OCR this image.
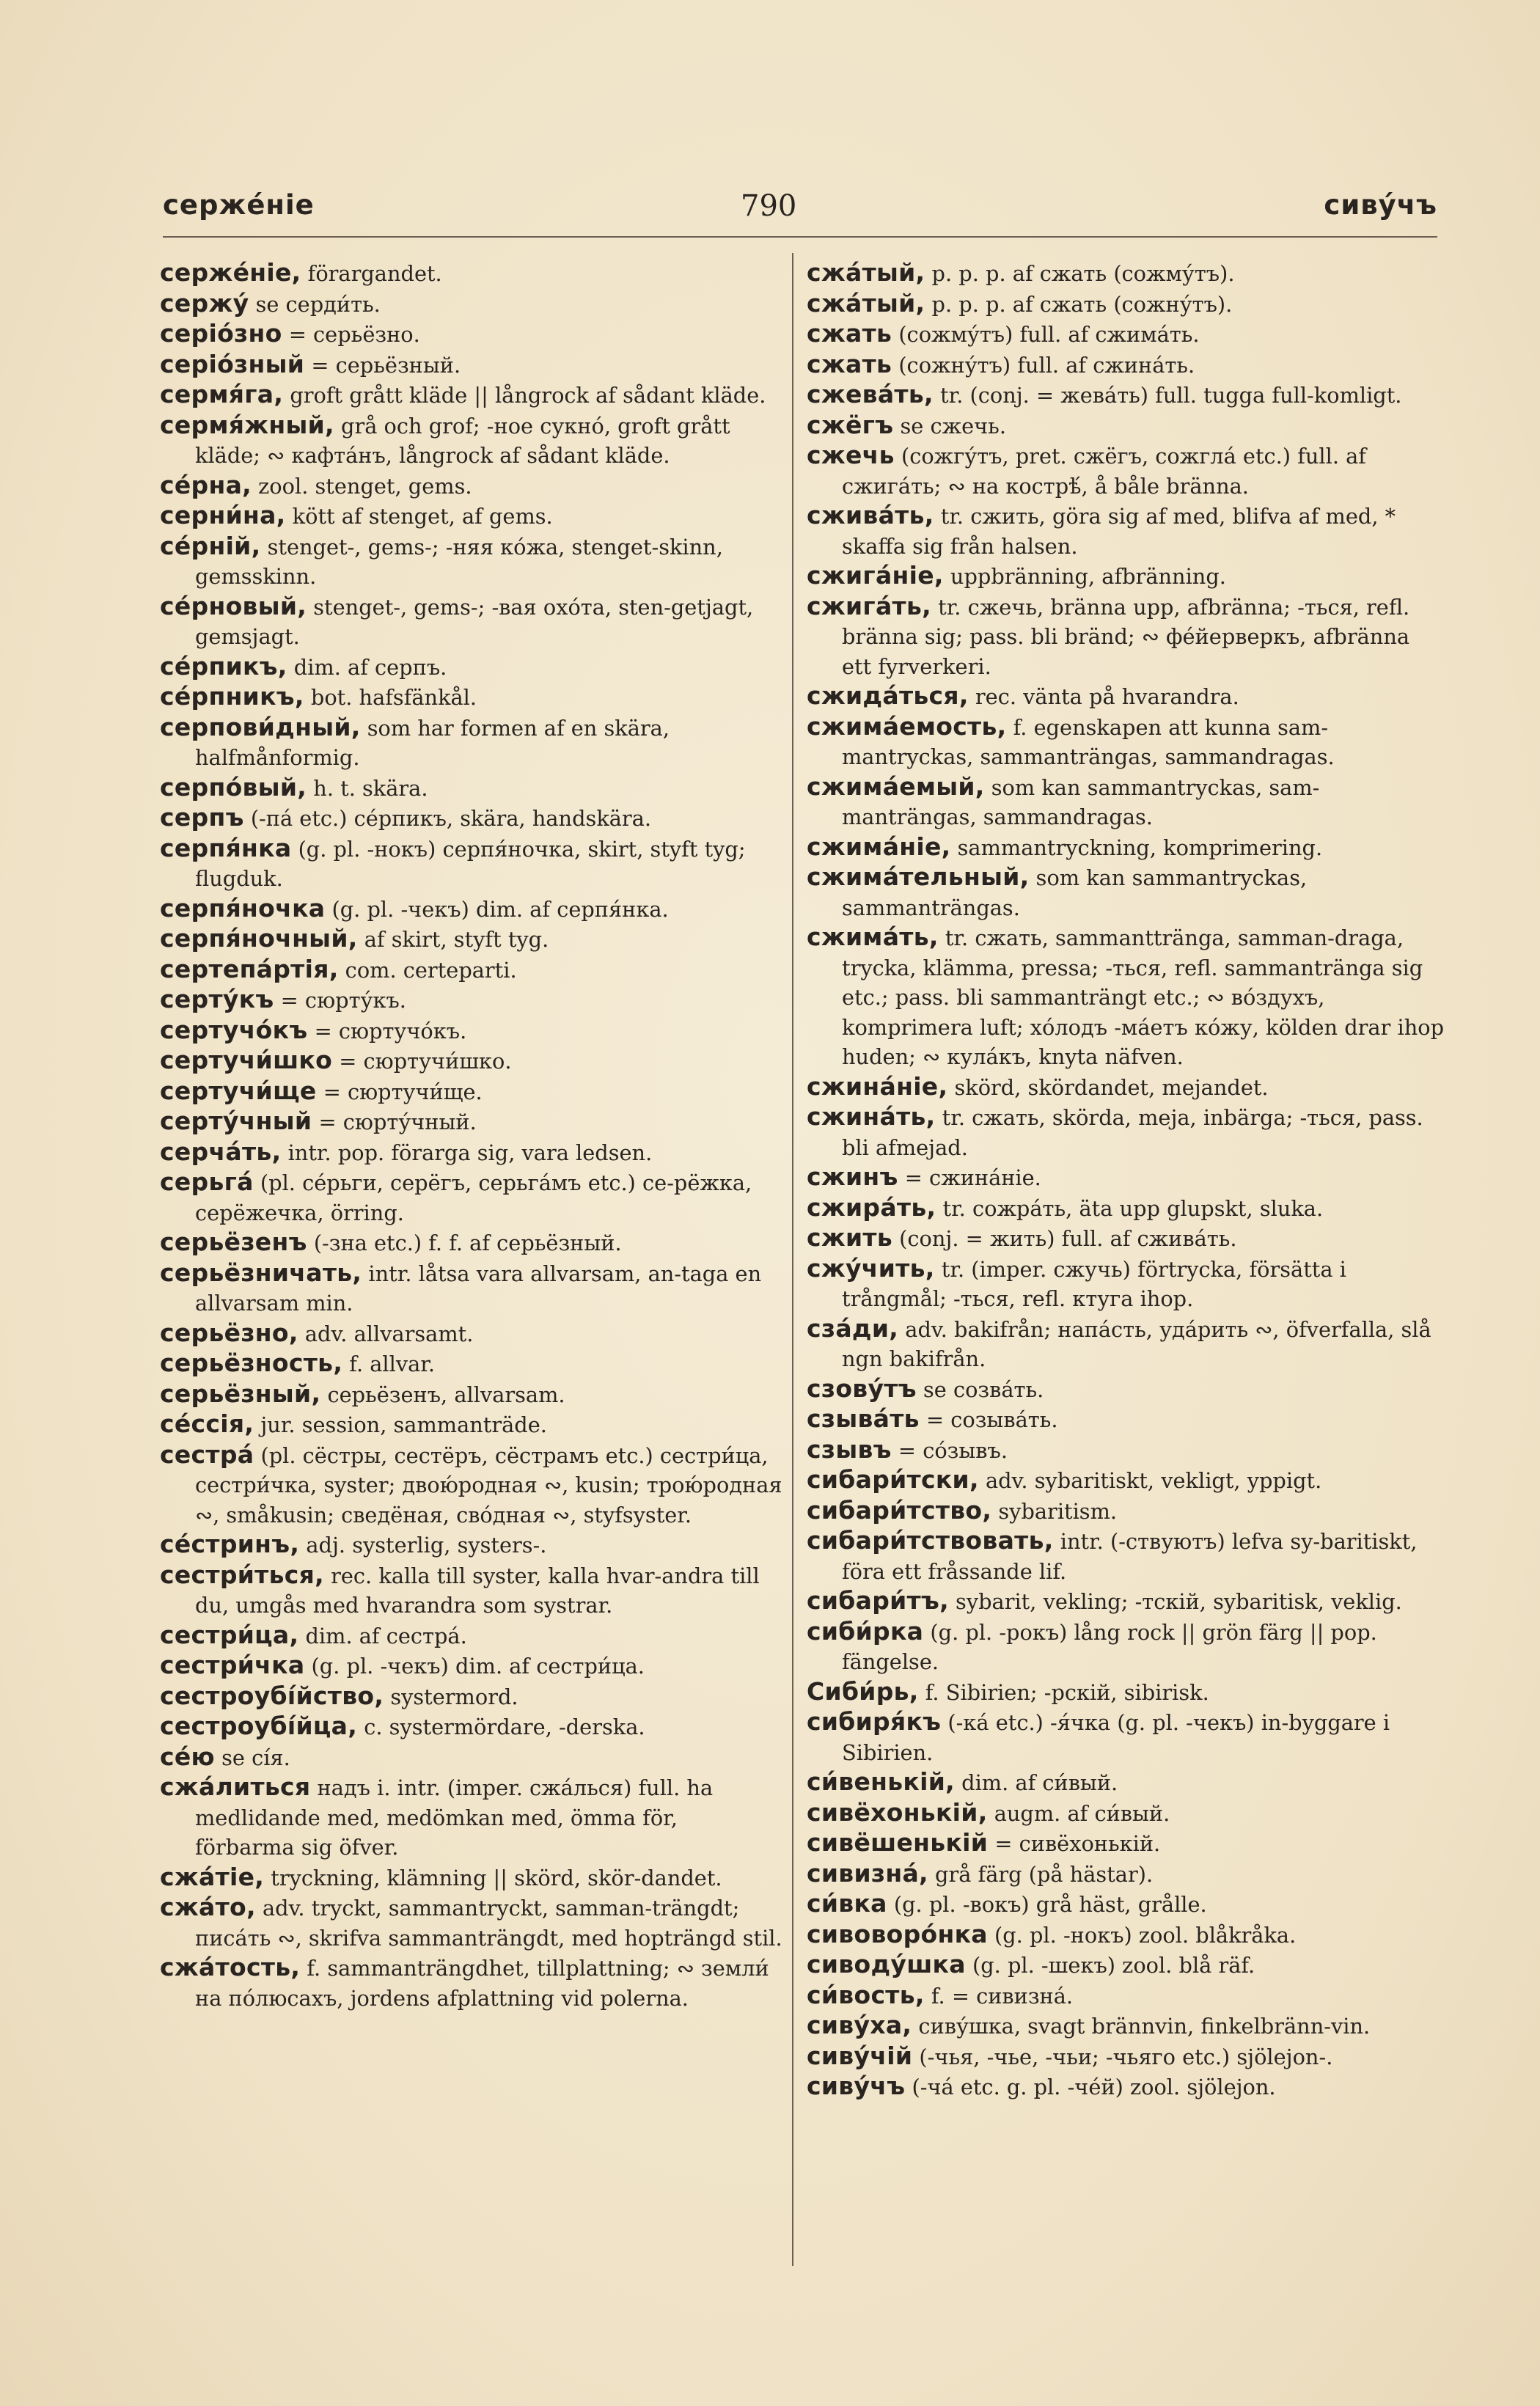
серже́ніе	790	сиву́чъ

серже́ніе, förargandet.

сержу́ se серди́ть.

серіо́зно = серьёзно.

серіо́зный = серьёзный.

сермя́га, groft grått kläde || långrock af sådant kläde.

сермя́жный, grå och grof; -ное сукно́, groft grått kläde; ∾ кафта́нъ, långrock af sådant kläde.

се́рна, zool. stenget, gems.

серни́на, kött af stenget, af gems.

се́рній, stenget-, gems-; -няя ко́жа, stenget-skinn, gemsskinn.

се́рновый, stenget-, gems-; -вая охо́та, sten-getjagt, gemsjagt.

се́рпикъ, dim. af серпъ.

се́рпникъ, bot. hafsfänkål.

серпови́дный, som har formen af en skära, halfmånformig.

серпо́вый, h. t. skära.

серпъ (-па́ etc.) се́рпикъ, skära, handskära.

серпя́нка (g. pl. -нокъ) серпя́ночка, skirt, styft tyg; flugduk.

серпя́ночка (g. pl. -чекъ) dim. af серпя́нка.

серпя́ночный, af skirt, styft tyg.

сертепа́ртія, com. certeparti.

серту́къ = сюрту́къ.

сертучо́къ = сюртучо́къ.

сертучи́шко = сюртучи́шко.

сертучи́ще = сюртучи́ще.

серту́чный = сюрту́чный.

серча́ть, intr. pop. förarga sig, vara ledsen.

серьга́ (pl. се́рьги, серёгъ, серьга́мъ etc.) се-рёжка, серёжечка, örring.

серьёзенъ (-зна etc.) f. f. af серьёзный.

серьёзничать, intr. låtsa vara allvarsam, an-taga en allvarsam min.

серьёзно, adv. allvarsamt.

серьёзность, f. allvar.

серьёзный, серьёзенъ, allvarsam.

се́ссія, jur. session, sammanträde.

сестра́ (pl. сёстры, сестёръ, сёстрамъ etc.) сестри́ца, сестри́чка, syster; двою́родная ∾, kusin; трою́родная ∾, småkusin; сведёная, сво́дная ∾, styfsyster.

се́стринъ, adj. systerlig, systers-.

сестри́ться, rec. kalla till syster, kalla hvar-andra till du, umgås med hvarandra som systrar.

сестри́ца, dim. af сестра́.

сестри́чка (g. pl. -чекъ) dim. af сестри́ца.

сестроубі́йство, systermord.

сестроубі́йца, c. systermördare, -derska.

се́ю se сі́я.

сжа́литься надъ i. intr. (imper. сжа́лься) full. ha medlidande med, medömkan med, ömma för, förbarma sig öfver.

сжа́тіе, tryckning, klämning || skörd, skör-dandet.

сжа́то, adv. tryckt, sammantryckt, samman-trängdt; писа́ть ∾, skrifva sammanträngdt, med hopträngd stil.

сжа́тость, f. sammanträngdhet, tillplattning; ∾ земли́ на по́люсахъ, jordens afplattning vid polerna.

сжа́тый, p. p. p. af сжать (сожму́тъ).

сжа́тый, p. p. p. af сжать (сожну́тъ).

сжать (сожму́тъ) full. af сжима́ть.

сжать (сожну́тъ) full. af сжина́ть.

сжева́ть, tr. (conj. = жева́ть) full. tugga full-komligt.

сжёгъ se сжечь.

сжечь (сожгу́тъ, pret. сжёгъ, сожгла́ etc.) full. af сжига́ть; ∾ на кострѣ́, å båle bränna.

сжива́ть, tr. сжить, göra sig af med, blifva af med, * skaffa sig från halsen.

сжига́ніе, uppbränning, afbränning.

сжига́ть, tr. сжечь, bränna upp, afbränna; -ться, refl. bränna sig; pass. bli bränd; ∾ фе́йерверкъ, afbränna ett fyrverkeri.

сжида́ться, rec. vänta på hvarandra.

сжима́емость, f. egenskapen att kunna sam-mantryckas, sammanträngas, sammandragas.

сжима́емый, som kan sammantryckas, sam-manträngas, sammandragas.

сжима́ніе, sammantryckning, komprimering.

сжима́тельный, som kan sammantryckas, sammanträngas.

сжима́ть, tr. сжать, sammanttränga, samman-draga, trycka, klämma, pressa; -ться, refl. sammanträngа sig etc.; pass. bli sammanträngt etc.; ∾ во́здухъ, komprimera luft; хо́лодъ -ма́етъ ко́жу, kölden drar ihop huden; ∾ кула́къ, knyta näfven.

сжина́ніе, skörd, skördandet, mejandet.

сжина́ть, tr. сжать, skörda, meja, inbärga; -ться, pass. bli afmejad.

сжинъ = сжина́ніе.

сжира́ть, tr. сожра́ть, äta upp glupskt, sluka.

сжить (conj. = жить) full. af сжива́ть.

сжу́чить, tr. (imper. сжучь) förtrycka, försätta i trångmål; -ться, refl. ктуга ihop.

сза́ди, adv. bakifrån; напа́сть, уда́рить ∾, öfverfalla, slå ngn bakifrån.

сзову́тъ se созва́ть.

сзыва́ть = созыва́ть.

сзывъ = со́зывъ.

сибари́тски, adv. sybaritiskt, vekligt, yppigt.

сибари́тство, sybaritism.

сибари́тствовать, intr. (-ствуютъ) lefva sy-baritiskt, föra ett fråssande lif.

сибари́тъ, sybarit, vekling; -тскій, sybaritisk, veklig.

сиби́рка (g. pl. -рокъ) lång rock || grön färg || pop. fängelse.

Сиби́рь, f. Sibirien; -рскій, sibirisk.

сибиря́къ (-ка́ etc.) -я́чка (g. pl. -чекъ) in-byggare i Sibirien.

си́венькій, dim. af си́вый.

сивёхонькій, augm. af си́вый.

сивёшенькій = сивёхонькій.

сивизна́, grå färg (på hästar).

си́вка (g. pl. -вокъ) grå häst, grålle.

сивоворо́нка (g. pl. -нокъ) zool. blåkråka.

сиводу́шка (g. pl. -шекъ) zool. blå räf.

си́вость, f. = сивизна́.

сиву́ха, сиву́шка, svagt brännvin, finkelbränn-vin.

сиву́чій (-чья, -чье, -чьи; -чьяго etc.) sjölejon-.

сиву́чъ (-ча́ etc. g. pl. -че́й) zool. sjölejon.
